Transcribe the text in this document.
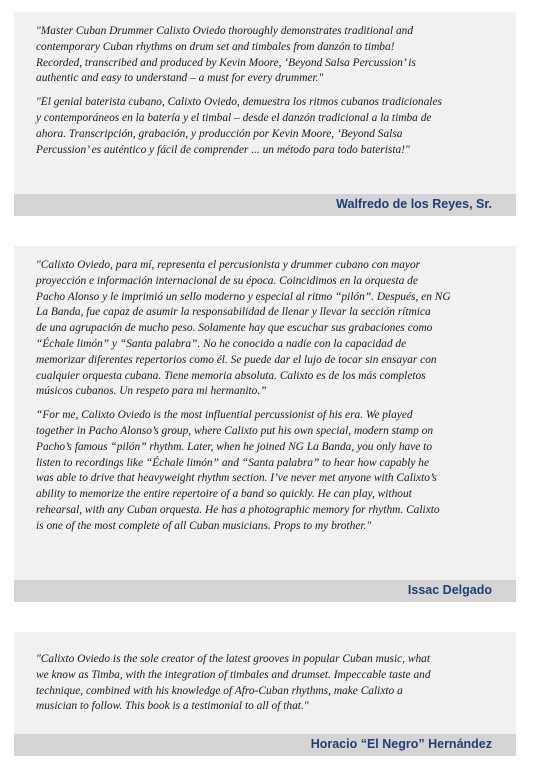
"Master Cuban Drummer Calixto Oviedo thoroughly demonstrates traditional and
contemporary Cuban rhythms on drum set and timbales from danzón to timba!
Recorded, transcribed and produced by Kevin Moore, ‘Beyond Salsa Percussion’ is
authentic and easy to understand – a must for every drummer."

"El genial baterista cubano, Calixto Oviedo, demuestra los ritmos cubanos tradicionales
y contemporáneos en la batería y el timbal – desde el danzón tradicional a la timba de
ahora. Transcripción, grabación, y producción por Kevin Moore, ‘Beyond Salsa
Percussion’ es auténtico y fácil de comprender ... un método para todo baterista!"

Walfredo de los Reyes, Sr.

"Calixto Oviedo, para mí, representa el percusionista y drummer cubano con mayor
proyección e información internacional de su época. Coincidimos en la orquesta de
Pacho Alonso y le imprimió un sello moderno y especial al ritmo “pilón”. Después, en NG
La Banda, fue capaz de asumir la responsabilidad de llenar y llevar la sección rítmica
de una agrupación de mucho peso. Solamente hay que escuchar sus grabaciones como
“Échale limón” y “Santa palabra”. No he conocido a nadie con la capacidad de
memorizar diferentes repertorios como él. Se puede dar el lujo de tocar sin ensayar con
cualquier orquesta cubana. Tiene memoria absoluta. Calixto es de los más completos
músicos cubanos. Un respeto para mi hermanito.”

“For me, Calixto Oviedo is the most influential percussionist of his era. We played
together in Pacho Alonso’s group, where Calixto put his own special, modern stamp on
Pacho’s famous “pilón” rhythm. Later, when he joined NG La Banda, you only have to
listen to recordings like “Échale limón” and “Santa palabra” to hear how capably he
was able to drive that heavyweight rhythm section. I’ve never met anyone with Calixto’s
ability to memorize the entire repertoire of a band so quickly. He can play, without
rehearsal, with any Cuban orquesta. He has a photographic memory for rhythm. Calixto
is one of the most complete of all Cuban musicians. Props to my brother."

Issac Delgado

"Calixto Oviedo is the sole creator of the latest grooves in popular Cuban music, what
we know as Timba, with the integration of timbales and drumset. Impeccable taste and
technique, combined with his knowledge of Afro-Cuban rhythms, make Calixto a
musician to follow. This book is a testimonial to all of that."

Horacio “El Negro” Hernández
